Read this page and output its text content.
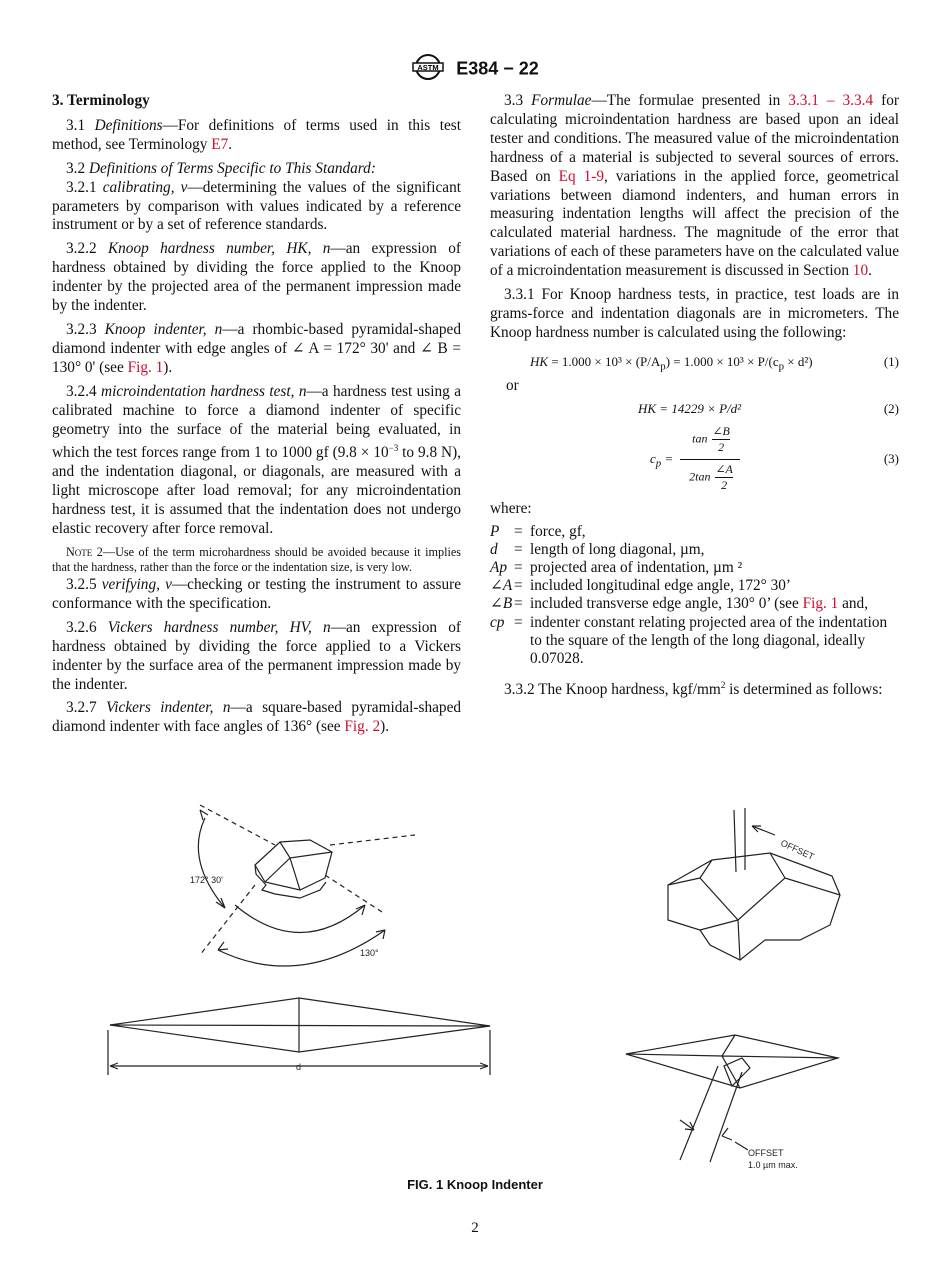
ASTM E384 − 22
3. Terminology

3.1 Definitions—For definitions of terms used in this test method, see Terminology E7.

3.2 Definitions of Terms Specific to This Standard:

3.2.1 calibrating, v—determining the values of the significant parameters by comparison with values indicated by a reference instrument or by a set of reference standards.

3.2.2 Knoop hardness number, HK, n—an expression of hardness obtained by dividing the force applied to the Knoop indenter by the projected area of the permanent impression made by the indenter.

3.2.3 Knoop indenter, n—a rhombic-based pyramidal-shaped diamond indenter with edge angles of ∠ A = 172° 30' and ∠ B = 130° 0' (see Fig. 1).

3.2.4 microindentation hardness test, n—a hardness test using a calibrated machine to force a diamond indenter of specific geometry into the surface of the material being evaluated, in which the test forces range from 1 to 1000 gf ($9.8 \times 10^{-3}$ to 9.8 N), and the indentation diagonal, or diagonals, are measured with a light microscope after load removal; for any microindentation hardness test, it is assumed that the indentation does not undergo elastic recovery after force removal.

Note 2—Use of the term microhardness should be avoided because it implies that the hardness, rather than the force or the indentation size, is very low.

3.2.5 verifying, v—checking or testing the instrument to assure conformance with the specification.

3.2.6 Vickers hardness number, HV, n—an expression of hardness obtained by dividing the force applied to a Vickers indenter by the surface area of the permanent impression made by the indenter.

3.2.7 Vickers indenter, n—a square-based pyramidal-shaped diamond indenter with face angles of 136° (see Fig. 2).

3.3 Formulae—The formulae presented in 3.3.1 – 3.3.4 for calculating microindentation hardness are based upon an ideal tester and conditions. The measured value of the microindentation hardness of a material is subjected to several sources of errors. Based on Eq 1-9, variations in the applied force, geometrical variations between diamond indenters, and human errors in measuring indentation lengths will affect the precision of the calculated material hardness. The magnitude of the error that variations of each of these parameters have on the calculated value of a microindentation measurement is discussed in Section 10.

3.3.1 For Knoop hardness tests, in practice, test loads are in grams-force and indentation diagonals are in micrometers. The Knoop hardness number is calculated using the following:

HK = $1.000 \times 10^3 \times (P/A_p) = 1.000 \times 10^3 \times P/(c_p \times d^2)$	(1)

or

HK = 14229 × P/d²	(2)
$c_p$ =
$\tan \frac{\angle B}{2}$
$2\tan \frac{\angle A}{2}$
(3)

where:

P = force, gf,
d	= length of long diagonal, µm,
Ap = projected area of indentation, µm ²
∠A = included longitudinal edge angle, 172° 30’
∠B = included transverse edge angle, 130° 0’ (see Fig. 1 and,
cp = indenter constant relating projected area of the indentation to the square of the length of the long diagonal, ideally 0.07028.

3.3.2 The Knoop hardness, kgf/$mm^2$ is determined as follows:

172° 30'
130°
d
OFFSET
OFFSET
1.0 µm max.
FIG. 1 Knoop Indenter
2
